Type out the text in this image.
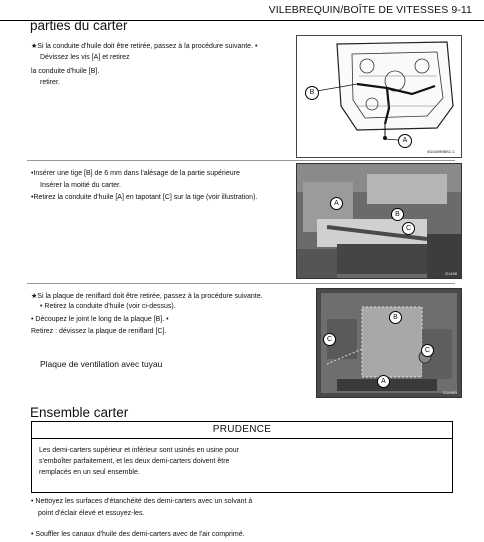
VILEBREQUIN/BOÎTE DE VITESSES 9-11
parties du carter
★Si la conduite d'huile doit être retirée, passez à la procédure suivante. •
Dévissez les vis [A] et retirez
la conduite d'huile [B].
retirer.
B
A
B104099BS1 C
•Insérer une tige [B] de 6 mm dans l'alésage de la partie supérieure
Insérer la moitié du carter.
•Retirez la conduite d'huile [A] en tapotant [C] sur la tige (voir illustration).
A
B
C
G1498
★Si la plaque de reniflard doit être retirée, passez à la procédure suivante.
• Retirez la conduite d'huile (voir ci-dessus).
• Découpez le joint le long de la plaque [B]. •
Retirez : dévissez la plaque de reniflard [C].
Plaque de ventilation avec tuyau
B
C
C
A
G14963
Ensemble carter
PRUDENCE
Les demi-carters supérieur et inférieur sont usinés en usine pour
s'emboîter parfaitement, et les deux demi-carters doivent être
remplacés en un seul ensemble.
• Nettoyez les surfaces d'étanchéité des demi-carters avec un solvant à
point d'éclair élevé et essuyez-les.
• Souffler les canaux d'huile des demi-carters avec de l'air comprimé.
